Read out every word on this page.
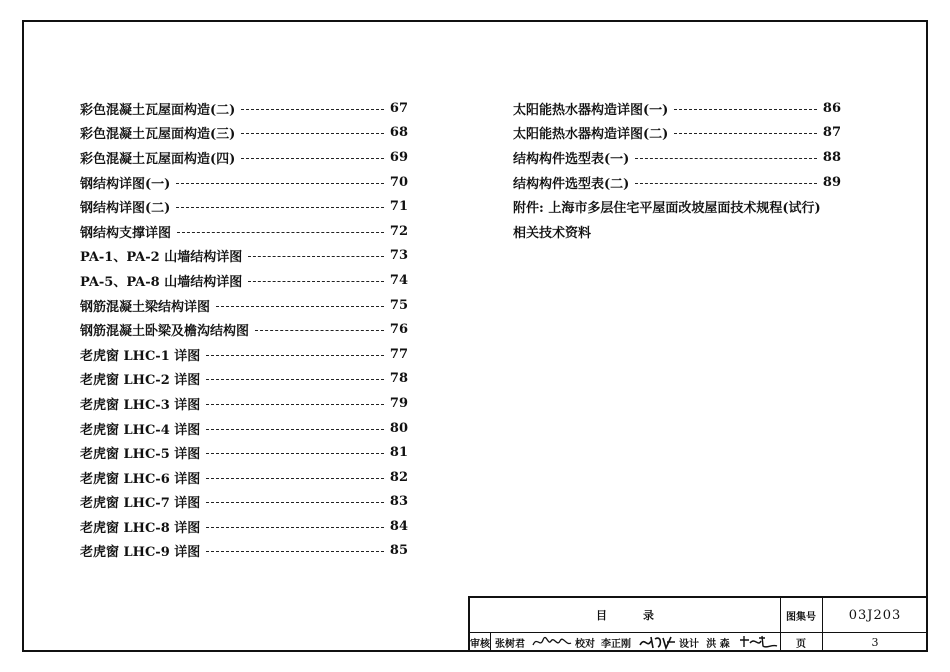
彩色混凝土瓦屋面构造(二)	67
彩色混凝土瓦屋面构造(三)	68
彩色混凝土瓦屋面构造(四)	69
钢结构详图(一)	70
钢结构详图(二)	71
钢结构支撑详图	72
PA-1、PA-2 山墙结构详图	73
PA-5、PA-8 山墙结构详图	74
钢筋混凝土梁结构详图	75
钢筋混凝土卧梁及檐沟结构图	76
老虎窗 LHC-1 详图	77
老虎窗 LHC-2 详图	78
老虎窗 LHC-3 详图	79
老虎窗 LHC-4 详图	80
老虎窗 LHC-5 详图	81
老虎窗 LHC-6 详图	82
老虎窗 LHC-7 详图	83
老虎窗 LHC-8 详图	84
老虎窗 LHC-9 详图	85
太阳能热水器构造详图(一)	86
太阳能热水器构造详图(二)	87
结构构件选型表(一)	88
结构构件选型表(二)	89
附件: 上海市多层住宅平屋面改坡屋面技术规程(试行)
相关技术资料
目录	图集号	03J203
审核 张树君	校对 李正刚	设计 洪 森	页	3
